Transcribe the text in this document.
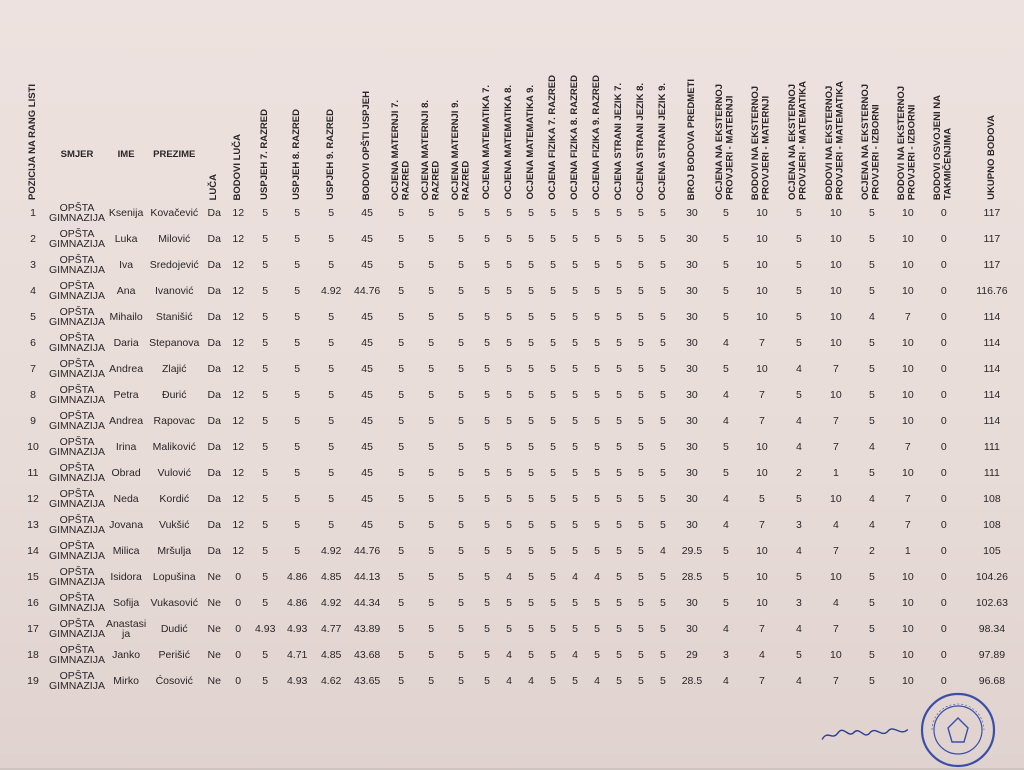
POZICIJA NA RANG LISTI	SMJER	IME	PREZIME	LUČA	BODOVI LUČA	USPJEH 7. RAZRED	USPJEH 8. RAZRED	USPJEH 9. RAZRED	BODOVI OPŠTI USPJEH	OCJENA MATERNJI 7.
RAZRED	OCJENA MATERNJI 8.
RAZRED	OCJENA MATERNJI 9.
RAZRED	OCJENA MATEMATIKA 7.	OCJENA MATEMATIKA 8.	OCJENA MATEMATIKA 9.	OCJENA FIZIKA 7. RAZRED	OCJENA FIZIKA 8. RAZRED	OCJENA FIZIKA 9. RAZRED	OCJENA STRANI JEZIK 7.	OCJENA STRANI JEZIK 8.	OCJENA STRANI JEZIK 9.	BROJ BODOVA PREDMETI	OCJENA NA EKSTERNOJ
PROVJERI - MATERNJI	BODOVI NA EKSTERNOJ
PROVJERI - MATERNJI	OCJENA NA EKSTERNOJ
PROVJERI - MATEMATIKA	BODOVI NA EKSTERNOJ
PROVJERI - MATEMATIKA	OCJENA NA EKSTERNOJ
PROVJERI - IZBORNI	BODOVI NA EKSTERNOJ
PROVJERI - IZBORNI	BODOVI OSVOJENI NA
TAKMIČENJIMA	UKUPNO BODOVA

1	OPŠTA
GIMNAZIJA	Ksenija	Kovačević	Da	12	5	5	5	45	5	5	5	5	5	5	5	5	5	5	5	5	30	5	10	5	10	5	10	0	117
2	OPŠTA
GIMNAZIJA	Luka	Milović	Da	12	5	5	5	45	5	5	5	5	5	5	5	5	5	5	5	5	30	5	10	5	10	5	10	0	117
3	OPŠTA
GIMNAZIJA	Iva	Sredojević	Da	12	5	5	5	45	5	5	5	5	5	5	5	5	5	5	5	5	30	5	10	5	10	5	10	0	117
4	OPŠTA
GIMNAZIJA	Ana	Ivanović	Da	12	5	5	4.92	44.76	5	5	5	5	5	5	5	5	5	5	5	5	30	5	10	5	10	5	10	0	116.76
5	OPŠTA
GIMNAZIJA	Mihailo	Stanišić	Da	12	5	5	5	45	5	5	5	5	5	5	5	5	5	5	5	5	30	5	10	5	10	4	7	0	114
6	OPŠTA
GIMNAZIJA	Daria	Stepanova	Da	12	5	5	5	45	5	5	5	5	5	5	5	5	5	5	5	5	30	4	7	5	10	5	10	0	114
7	OPŠTA
GIMNAZIJA	Andrea	Zlajić	Da	12	5	5	5	45	5	5	5	5	5	5	5	5	5	5	5	5	30	5	10	4	7	5	10	0	114
8	OPŠTA
GIMNAZIJA	Petra	Đurić	Da	12	5	5	5	45	5	5	5	5	5	5	5	5	5	5	5	5	30	4	7	5	10	5	10	0	114
9	OPŠTA
GIMNAZIJA	Andrea	Rapovac	Da	12	5	5	5	45	5	5	5	5	5	5	5	5	5	5	5	5	30	4	7	4	7	5	10	0	114
10	OPŠTA
GIMNAZIJA	Irina	Maliković	Da	12	5	5	5	45	5	5	5	5	5	5	5	5	5	5	5	5	30	5	10	4	7	4	7	0	111
11	OPŠTA
GIMNAZIJA	Obrad	Vulović	Da	12	5	5	5	45	5	5	5	5	5	5	5	5	5	5	5	5	30	5	10	2	1	5	10	0	111
12	OPŠTA
GIMNAZIJA	Neda	Kordić	Da	12	5	5	5	45	5	5	5	5	5	5	5	5	5	5	5	5	30	4	5	5	10	4	7	0	108
13	OPŠTA
GIMNAZIJA	Jovana	Vukšić	Da	12	5	5	5	45	5	5	5	5	5	5	5	5	5	5	5	5	30	4	7	3	4	4	7	0	108
14	OPŠTA
GIMNAZIJA	Milica	Mršulja	Da	12	5	5	4.92	44.76	5	5	5	5	5	5	5	5	5	5	5	4	29.5	5	10	4	7	2	1	0	105
15	OPŠTA
GIMNAZIJA	Isidora	Lopušina	Ne	0	5	4.86	4.85	44.13	5	5	5	5	4	5	5	4	4	5	5	5	28.5	5	10	5	10	5	10	0	104.26
16	OPŠTA
GIMNAZIJA	Sofija	Vukasović	Ne	0	5	4.86	4.92	44.34	5	5	5	5	5	5	5	5	5	5	5	5	30	5	10	3	4	5	10	0	102.63
17	OPŠTA
GIMNAZIJA	Anastasi ja	Dudić	Ne	0	4.93	4.93	4.77	43.89	5	5	5	5	5	5	5	5	5	5	5	5	30	4	7	4	7	5	10	0	98.34
18	OPŠTA
GIMNAZIJA	Janko	Perišić	Ne	0	5	4.71	4.85	43.68	5	5	5	5	4	5	5	4	5	5	5	5	29	3	4	5	10	5	10	0	97.89
19	OPŠTA
GIMNAZIJA	Mirko	Ćosović	Ne	0	5	4.93	4.62	43.65	5	5	5	5	4	4	5	5	4	5	5	5	28.5	4	7	4	7	5	10	0	96.68
